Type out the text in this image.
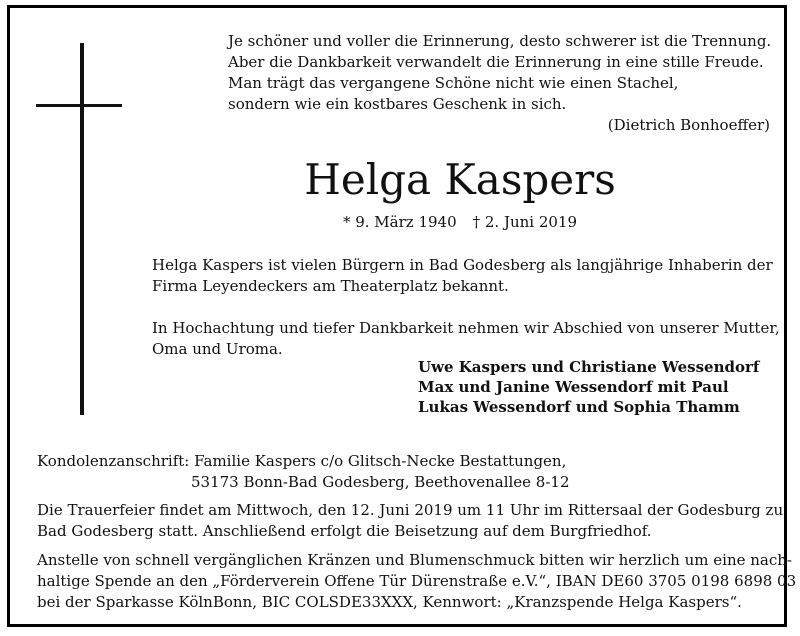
Je schöner und voller die Erinnerung, desto schwerer ist die Trennung.
Aber die Dankbarkeit verwandelt die Erinnerung in eine stille Freude.
Man trägt das vergangene Schöne nicht wie einen Stachel,
sondern wie ein kostbares Geschenk in sich.
(Dietrich Bonhoeffer)
Helga Kaspers
* 9. März 1940 † 2. Juni 2019
Helga Kaspers ist vielen Bürgern in Bad Godesberg als langjährige Inhaberin der
Firma Leyendeckers am Theaterplatz bekannt.
In Hochachtung und tiefer Dankbarkeit nehmen wir Abschied von unserer Mutter,
Oma und Uroma.
Uwe Kaspers und Christiane Wessendorf
Max und Janine Wessendorf mit Paul
Lukas Wessendorf und Sophia Thamm
Kondolenzanschrift: Familie Kaspers c/o Glitsch-Necke Bestattungen,
53173 Bonn-Bad Godesberg, Beethovenallee 8-12
Die Trauerfeier findet am Mittwoch, den 12. Juni 2019 um 11 Uhr im Rittersaal der Godesburg zu
Bad Godesberg statt. Anschließend erfolgt die Beisetzung auf dem Burgfriedhof.
Anstelle von schnell vergänglichen Kränzen und Blumenschmuck bitten wir herzlich um eine nach-
haltige Spende an den „Förderverein Offene Tür Dürenstraße e.V.“, IBAN DE60 3705 0198 6898 03
bei der Sparkasse KölnBonn, BIC COLSDE33XXX, Kennwort: „Kranzspende Helga Kaspers“.
